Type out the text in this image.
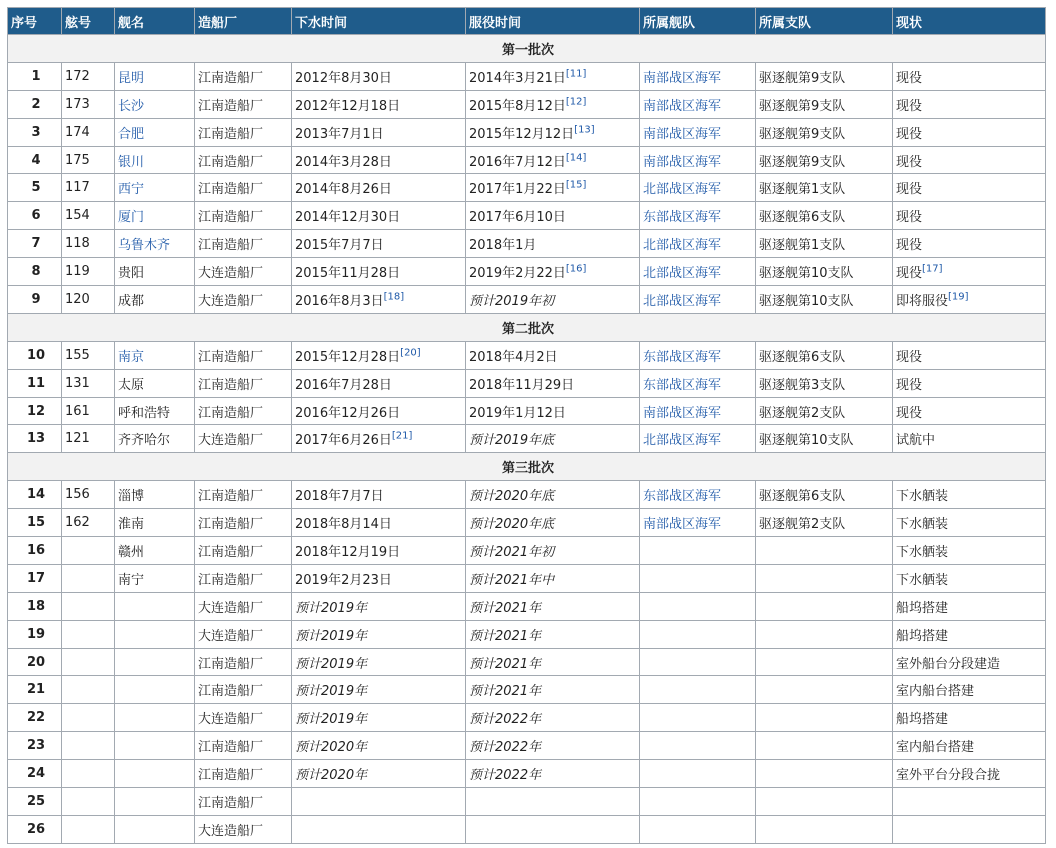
序号	舷号	舰名	造船厂	下水时间	服役时间	所属舰队	所属支队	现状
第一批次								
1	172	昆明	江南造船厂	2012年8月30日	2014年3月21日[11]	南部战区海军	驱逐舰第9支队	现役
2	173	长沙	江南造船厂	2012年12月18日	2015年8月12日[12]	南部战区海军	驱逐舰第9支队	现役
3	174	合肥	江南造船厂	2013年7月1日	2015年12月12日[13]	南部战区海军	驱逐舰第9支队	现役
4	175	银川	江南造船厂	2014年3月28日	2016年7月12日[14]	南部战区海军	驱逐舰第9支队	现役
5	117	西宁	江南造船厂	2014年8月26日	2017年1月22日[15]	北部战区海军	驱逐舰第1支队	现役
6	154	厦门	江南造船厂	2014年12月30日	2017年6月10日	东部战区海军	驱逐舰第6支队	现役
7	118	乌鲁木齐	江南造船厂	2015年7月7日	2018年1月	北部战区海军	驱逐舰第1支队	现役
8	119	贵阳	大连造船厂	2015年11月28日	2019年2月22日[16]	北部战区海军	驱逐舰第10支队	现役[17]
9	120	成都	大连造船厂	2016年8月3日[18]	预计2019年初	北部战区海军	驱逐舰第10支队	即将服役[19]
第二批次								
10	155	南京	江南造船厂	2015年12月28日[20]	2018年4月2日	东部战区海军	驱逐舰第6支队	现役
11	131	太原	江南造船厂	2016年7月28日	2018年11月29日	东部战区海军	驱逐舰第3支队	现役
12	161	呼和浩特	江南造船厂	2016年12月26日	2019年1月12日	南部战区海军	驱逐舰第2支队	现役
13	121	齐齐哈尔	大连造船厂	2017年6月26日[21]	预计2019年底	北部战区海军	驱逐舰第10支队	试航中
第三批次								
14	156	淄博	江南造船厂	2018年7月7日	预计2020年底	东部战区海军	驱逐舰第6支队	下水舾装
15	162	淮南	江南造船厂	2018年8月14日	预计2020年底	南部战区海军	驱逐舰第2支队	下水舾装
16		赣州	江南造船厂	2018年12月19日	预计2021年初			下水舾装
17		南宁	江南造船厂	2019年2月23日	预计2021年中			下水舾装
18			大连造船厂	预计2019年	预计2021年			船坞搭建
19			大连造船厂	预计2019年	预计2021年			船坞搭建
20			江南造船厂	预计2019年	预计2021年			室外船台分段建造
21			江南造船厂	预计2019年	预计2021年			室内船台搭建
22			大连造船厂	预计2019年	预计2022年			船坞搭建
23			江南造船厂	预计2020年	预计2022年			室内船台搭建
24			江南造船厂	预计2020年	预计2022年			室外平台分段合拢
25			江南造船厂					
26			大连造船厂					
